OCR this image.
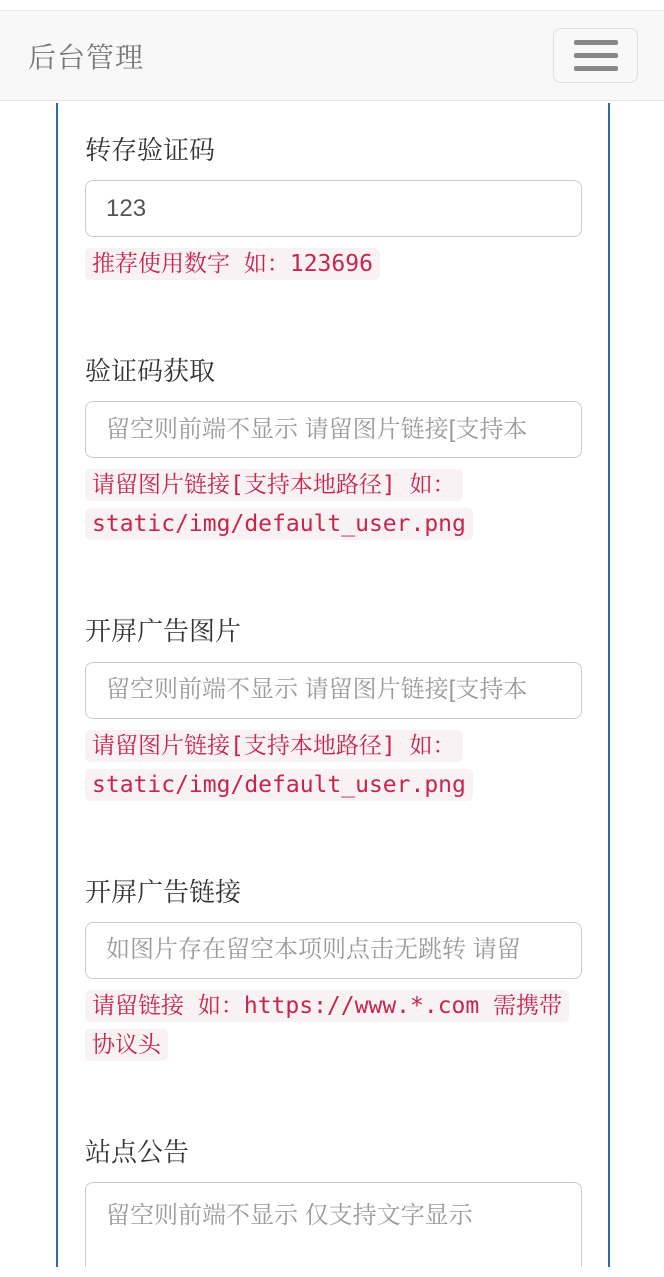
后台管理
转存验证码
123
推荐使用数字 如：123696
验证码获取
留空则前端不显示 请留图片链接[支持本
请留图片链接[支持本地路径] 如：static/img/default_user.png
开屏广告图片
留空则前端不显示 请留图片链接[支持本
请留图片链接[支持本地路径] 如：static/img/default_user.png
开屏广告链接
如图片存在留空本项则点击无跳转 请留
请留链接 如：https://www.*.com 需携带协议头
站点公告
留空则前端不显示 仅支持文字显示
